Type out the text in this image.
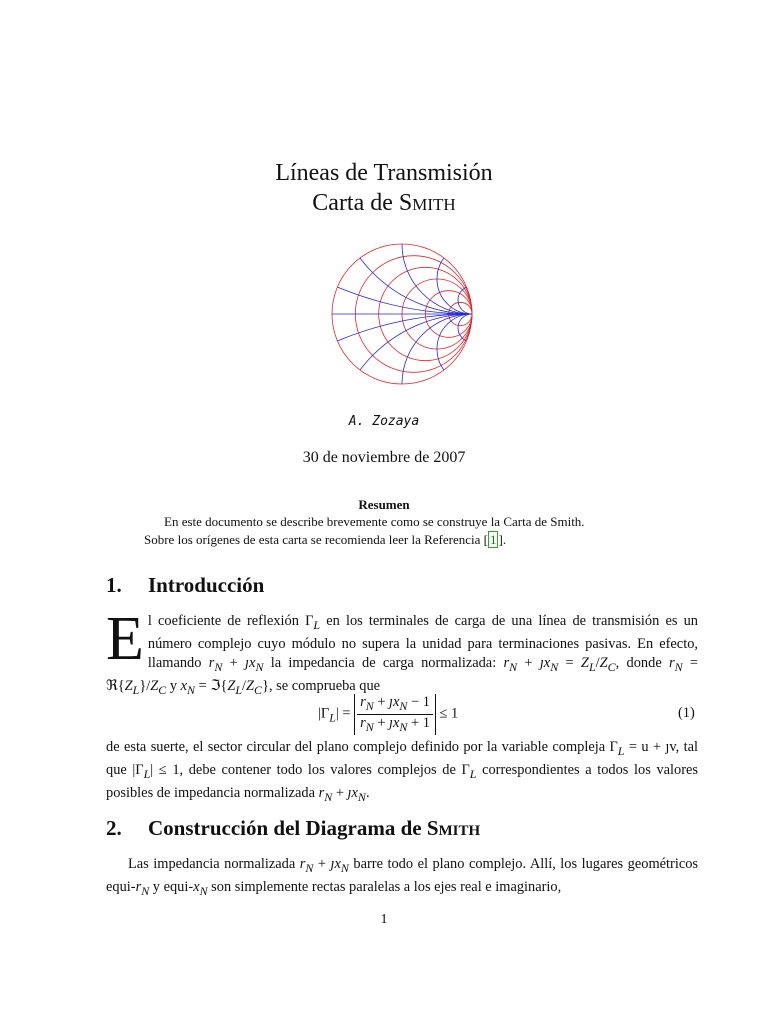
Líneas de Transmisión
Carta de Smith
A. Zozaya
30 de noviembre de 2007
Resumen

En este documento se describe brevemente como se construye la Carta de Smith.

Sobre los orígenes de esta carta se recomienda leer la Referencia [ 1 ].

1. Introducción
El coeficiente de reflexión $\Gamma_L$ en los terminales de carga de una línea de transmisión es un número complejo cuyo módulo no supera la unidad para terminaciones pasivas. En efecto, llamando $r_N$ + $ȷx_N$ la impedancia de carga normalizada: $r_N$ + $ȷx_N = Z_L/Z_C$, donde $r_N$ = $ℜ\{Z_L\}/Z_C$ y $x_N$ = $ℑ\{Z_L/Z_C\}$, se comprueba que
$|\Gamma_L| = \frac{r_N + ȷx_N - 1}{r_N + ȷx_N + 1} \le 1$	(1)
de esta suerte, el sector circular del plano complejo definido por la variable compleja $\Gamma_L = u$ + ȷv, tal que $|\Gamma_L| \le 1$, debe contener todo los valores complejos de $\Gamma_L$ correspondientes a todos los valores posibles de impedancia normalizada $r_N$ + $ȷx_N$.
2. Construcción del Diagrama de Smith
Las impedancia normalizada $r_N$ + $ȷx_N$ barre todo el plano complejo. Allí, los lugares geométricos equi-$r_N$ y equi-$x_N$ son simplemente rectas paralelas a los ejes real e imaginario,
1
